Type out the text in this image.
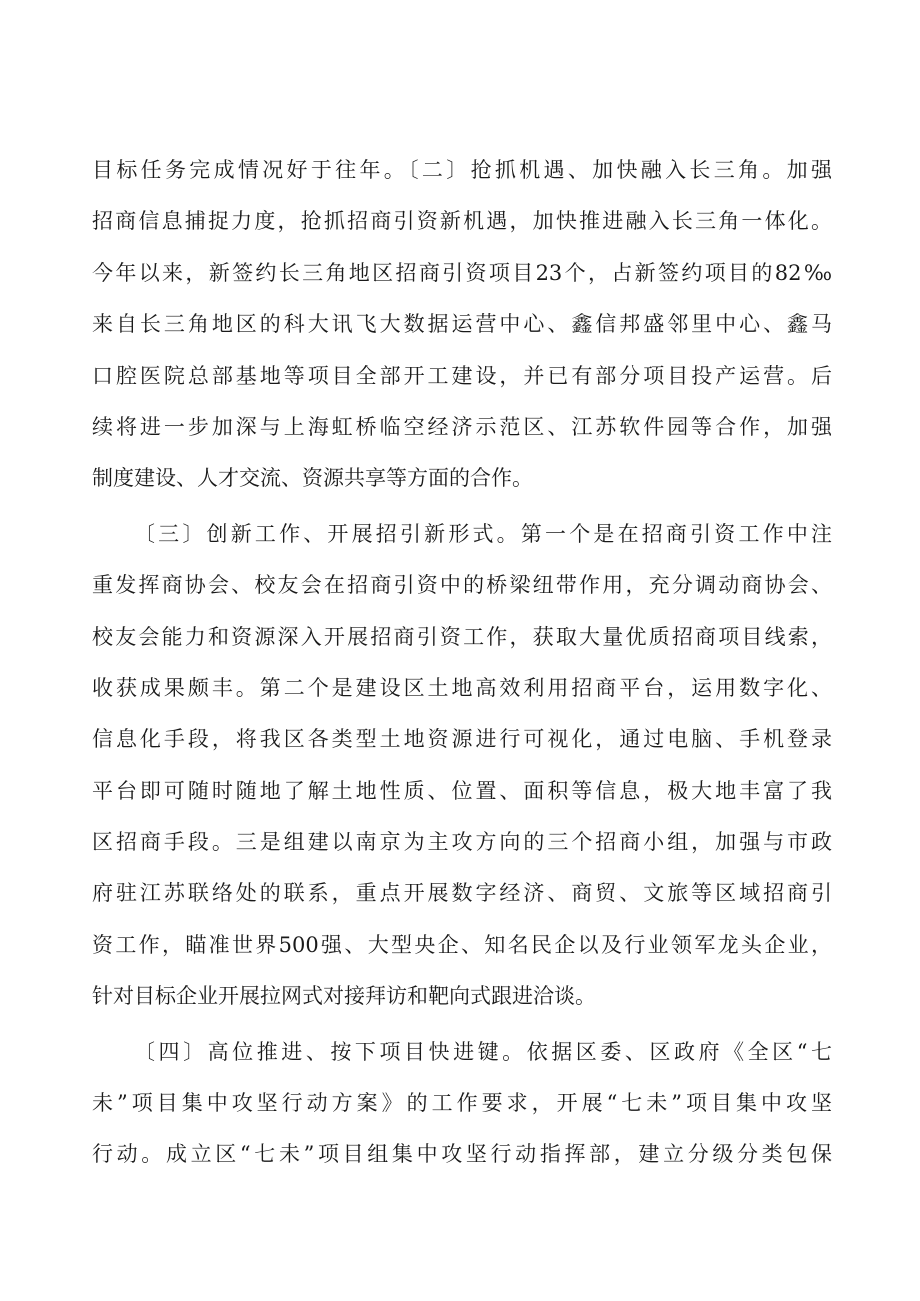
目标任务完成情况好于往年。〔二〕抢抓机遇、加快融入长三角。加强
招商信息捕捉力度，抢抓招商引资新机遇，加快推进融入长三角一体化。
今年以来，新签约长三角地区招商引资项目23个，占新签约项目的82‰
来自长三角地区的科大讯飞大数据运营中心、鑫信邦盛邻里中心、鑫马
口腔医院总部基地等项目全部开工建设，并已有部分项目投产运营。后
续将进一步加深与上海虹桥临空经济示范区、江苏软件园等合作，加强
制度建设、人才交流、资源共享等方面的合作。
〔三〕创新工作、开展招引新形式。第一个是在招商引资工作中注
重发挥商协会、校友会在招商引资中的桥梁纽带作用，充分调动商协会、
校友会能力和资源深入开展招商引资工作，获取大量优质招商项目线索，
收获成果颇丰。第二个是建设区土地高效利用招商平台，运用数字化、
信息化手段，将我区各类型土地资源进行可视化，通过电脑、手机登录
平台即可随时随地了解土地性质、位置、面积等信息，极大地丰富了我
区招商手段。三是组建以南京为主攻方向的三个招商小组，加强与市政
府驻江苏联络处的联系，重点开展数字经济、商贸、文旅等区域招商引
资工作，瞄准世界500强、大型央企、知名民企以及行业领军龙头企业，
针对目标企业开展拉网式对接拜访和靶向式跟进洽谈。
〔四〕高位推进、按下项目快进键。依据区委、区政府《全区“七
未”项目集中攻坚行动方案》的工作要求，开展“七未”项目集中攻坚
行动。成立区“七未”项目组集中攻坚行动指挥部，建立分级分类包保
